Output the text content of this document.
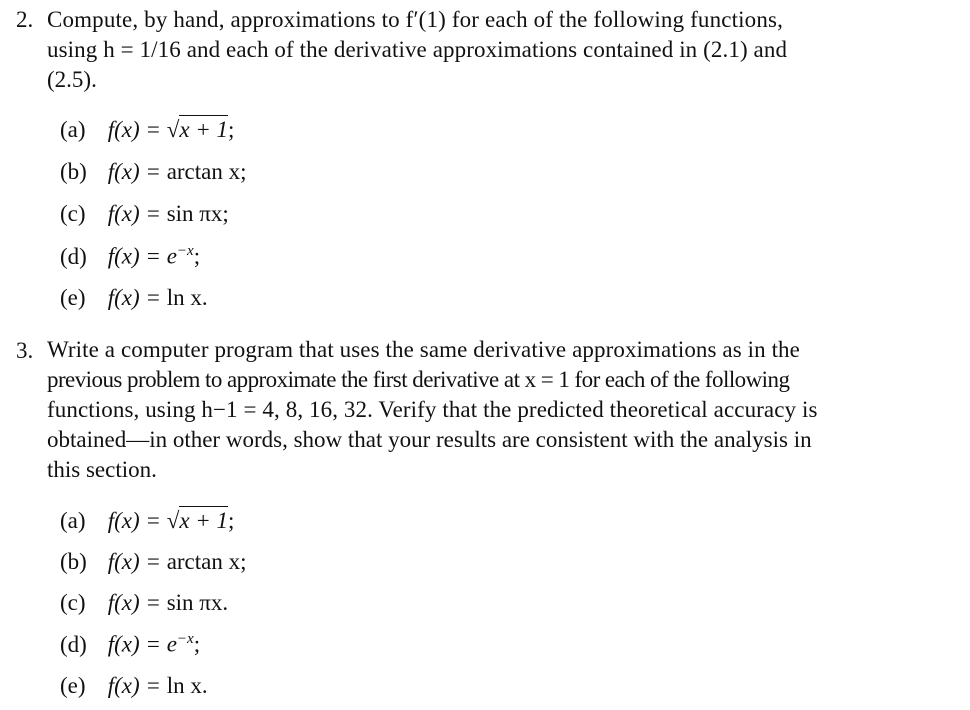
2. Compute, by hand, approximations to f′(1) for each of the following functions,
using h = 1/16 and each of the derivative approximations contained in (2.1) and
(2.5).
(a) f(x) = √x + 1;
(b) f(x) = arctan x;
(c) f(x) = sin πx;
(d) $f(x) = e^{-x}$;
(e) f(x) = ln x.
3. Write a computer program that uses the same derivative approximations as in the
previous problem to approximate the first derivative at x = 1 for each of the following
functions, using h−1 = 4, 8, 16, 32. Verify that the predicted theoretical accuracy is
obtained—in other words, show that your results are consistent with the analysis in
this section.
(a) f(x) = √x + 1;
(b) f(x) = arctan x;
(c) f(x) = sin πx.
(d) $f(x) = e^{-x}$;
(e) f(x) = ln x.
